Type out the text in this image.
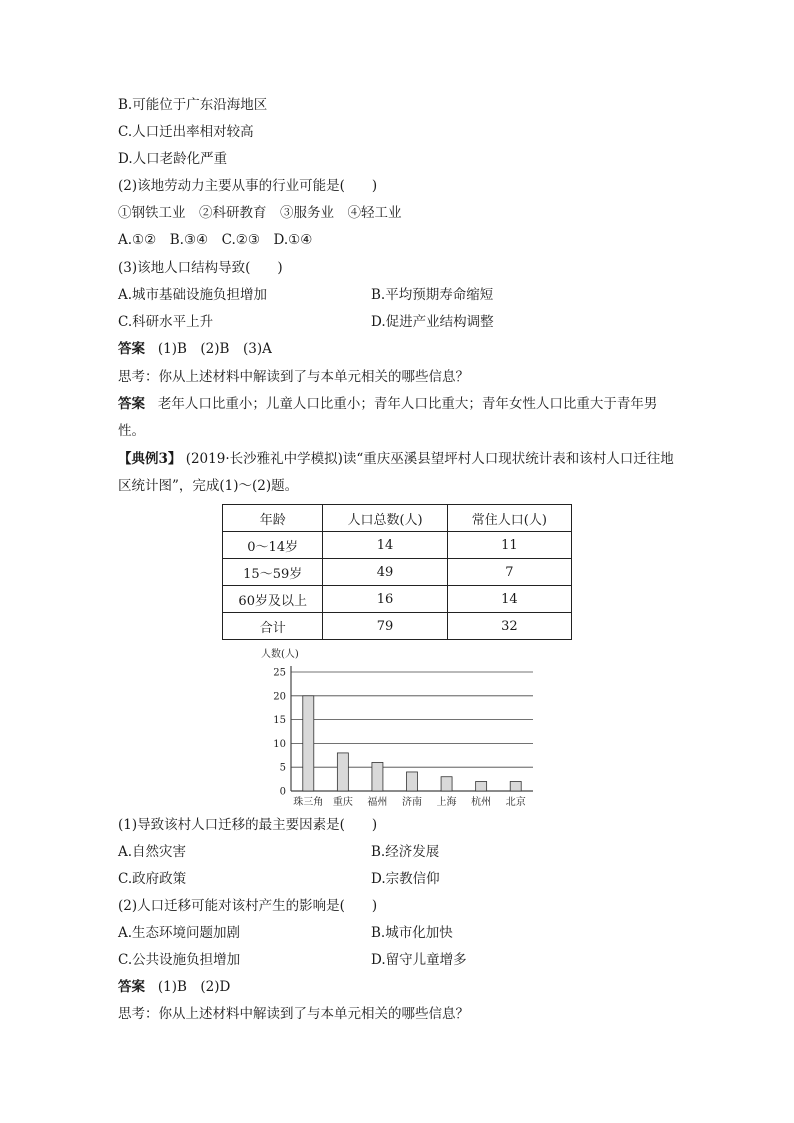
B.可能位于广东沿海地区
C.人口迁出率相对较高
D.人口老龄化严重
(2)该地劳动力主要从事的行业可能是(　　)
①钢铁工业　②科研教育　③服务业　④轻工业
A.①②　B.③④　C.②③　D.①④
(3)该地人口结构导致(　　)
A.城市基础设施负担增加	B.平均预期寿命缩短
C.科研水平上升	D.促进产业结构调整
答案 (1)B　(2)B　(3)A
思考：你从上述材料中解读到了与本单元相关的哪些信息？
答案 老年人口比重小；儿童人口比重小；青年人口比重大；青年女性人口比重大于青年男
性。
【典例3】 (2019·长沙雅礼中学模拟)读“重庆巫溪县望坪村人口现状统计表和该村人口迁往地
区统计图”，完成(1)～(2)题。
年龄	人口总数(人)	常住人口(人)
0～14岁	14	11
15～59岁	49	7
60岁及以上	16	14
合计	79	32
人数(人)
0
5
10
15
20
25
珠三角 重庆 福州 济南 上海 杭州 北京
(1)导致该村人口迁移的最主要因素是(　　)
A.自然灾害	B.经济发展
C.政府政策	D.宗教信仰
(2)人口迁移可能对该村产生的影响是(　　)
A.生态环境问题加剧	B.城市化加快
C.公共设施负担增加	D.留守儿童增多
答案 (1)B　(2)D
思考：你从上述材料中解读到了与本单元相关的哪些信息？
